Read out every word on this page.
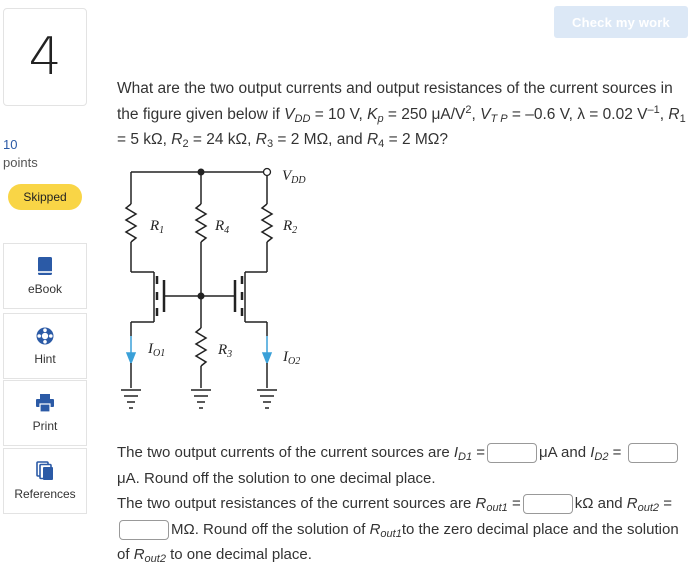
4
10
points
Skipped
eBook
Hint
Print
References
Check my work
What are the two output currents and output resistances of the current sources in the figure given below if $V_{DD} = 10$ V, $K_p = 250$ $\mu A/V^2$, $V_{T P} = -0.6$ V, λ = 0.02 $V^{-1}$, $R_1 = 5$ kΩ, $R_2 = 24$ kΩ, $R_3 = 2$ MΩ, and $R_4 = 2$ MΩ?
$V_{DD}$
$R_1$	$R_4$	$R_2$
$R_3$
$I_{O1}$	$I_{O2}$
The two output currents of the current sources are $I_{D1}$ =	μA and $I_{D2} = \mu A$. Round off the solution to one decimal place.
The two output resistances of the current sources are $R_{out1}$ =	kΩ and $R_{out2} =M\Omega$. Round off the solution of $R_{out1}to$ the zero decimal place and the solution of $R_{out2}$ to one decimal place.
